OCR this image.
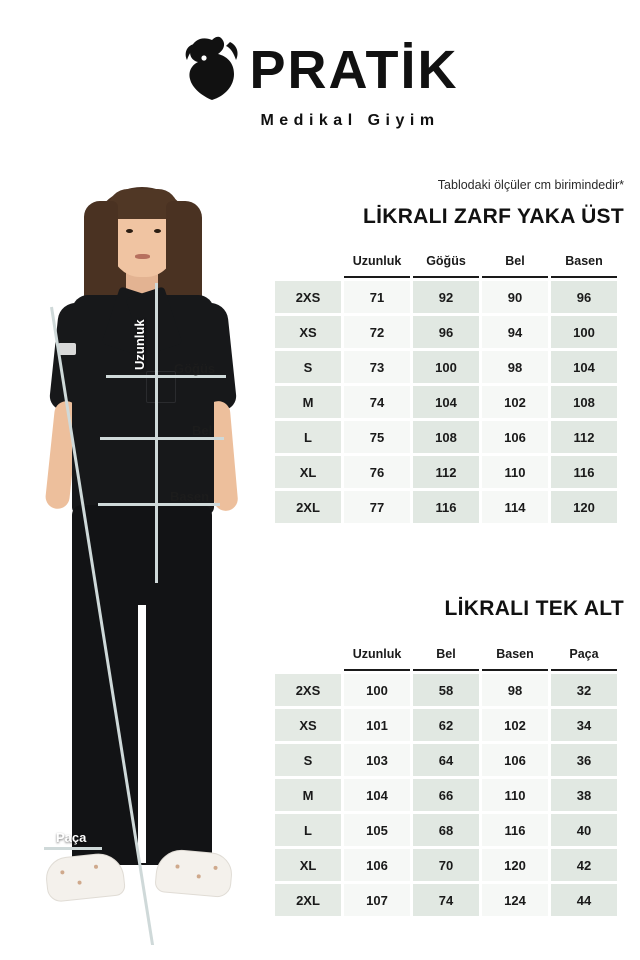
PRATİK
Medikal Giyim
Uzunluk Göğüs
Bel
Basen
Paça
Tablodaki ölçüler cm birimindedir*
LİKRALI ZARF YAKA ÜST
	Uzunluk	Göğüs	Bel	Basen
2XS	71	92	90	96
XS	72	96	94	100
S	73	100	98	104
M	74	104	102	108
L	75	108	106	112
XL	76	112	110	116
2XL	77	116	114	120
LİKRALI TEK ALT
	Uzunluk	Bel	Basen	Paça
2XS	100	58	98	32
XS	101	62	102	34
S	103	64	106	36
M	104	66	110	38
L	105	68	116	40
XL	106	70	120	42
2XL	107	74	124	44
